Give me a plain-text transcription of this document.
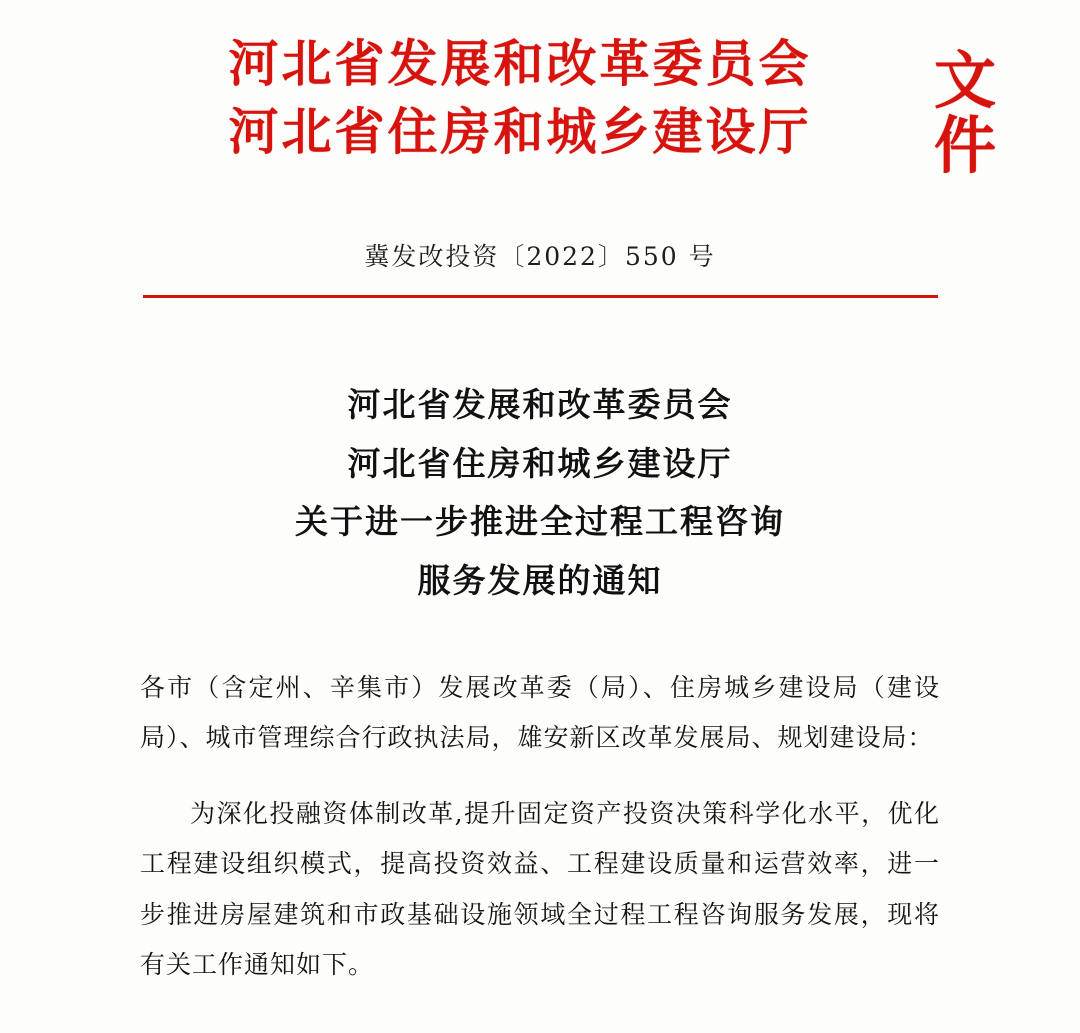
河北省发展和改革委员会
河北省住房和城乡建设厅
文件
冀发改投资〔2022〕550 号
河北省发展和改革委员会
河北省住房和城乡建设厅
关于进一步推进全过程工程咨询
服务发展的通知

各市（含定州、辛集市）发展改革委（局）、住房城乡建设局（建设局）、城市管理综合行政执法局，雄安新区改革发展局、规划建设局：

为深化投融资体制改革,提升固定资产投资决策科学化水平，优化工程建设组织模式，提高投资效益、工程建设质量和运营效率，进一步推进房屋建筑和市政基础设施领域全过程工程咨询服务发展，现将有关工作通知如下。
